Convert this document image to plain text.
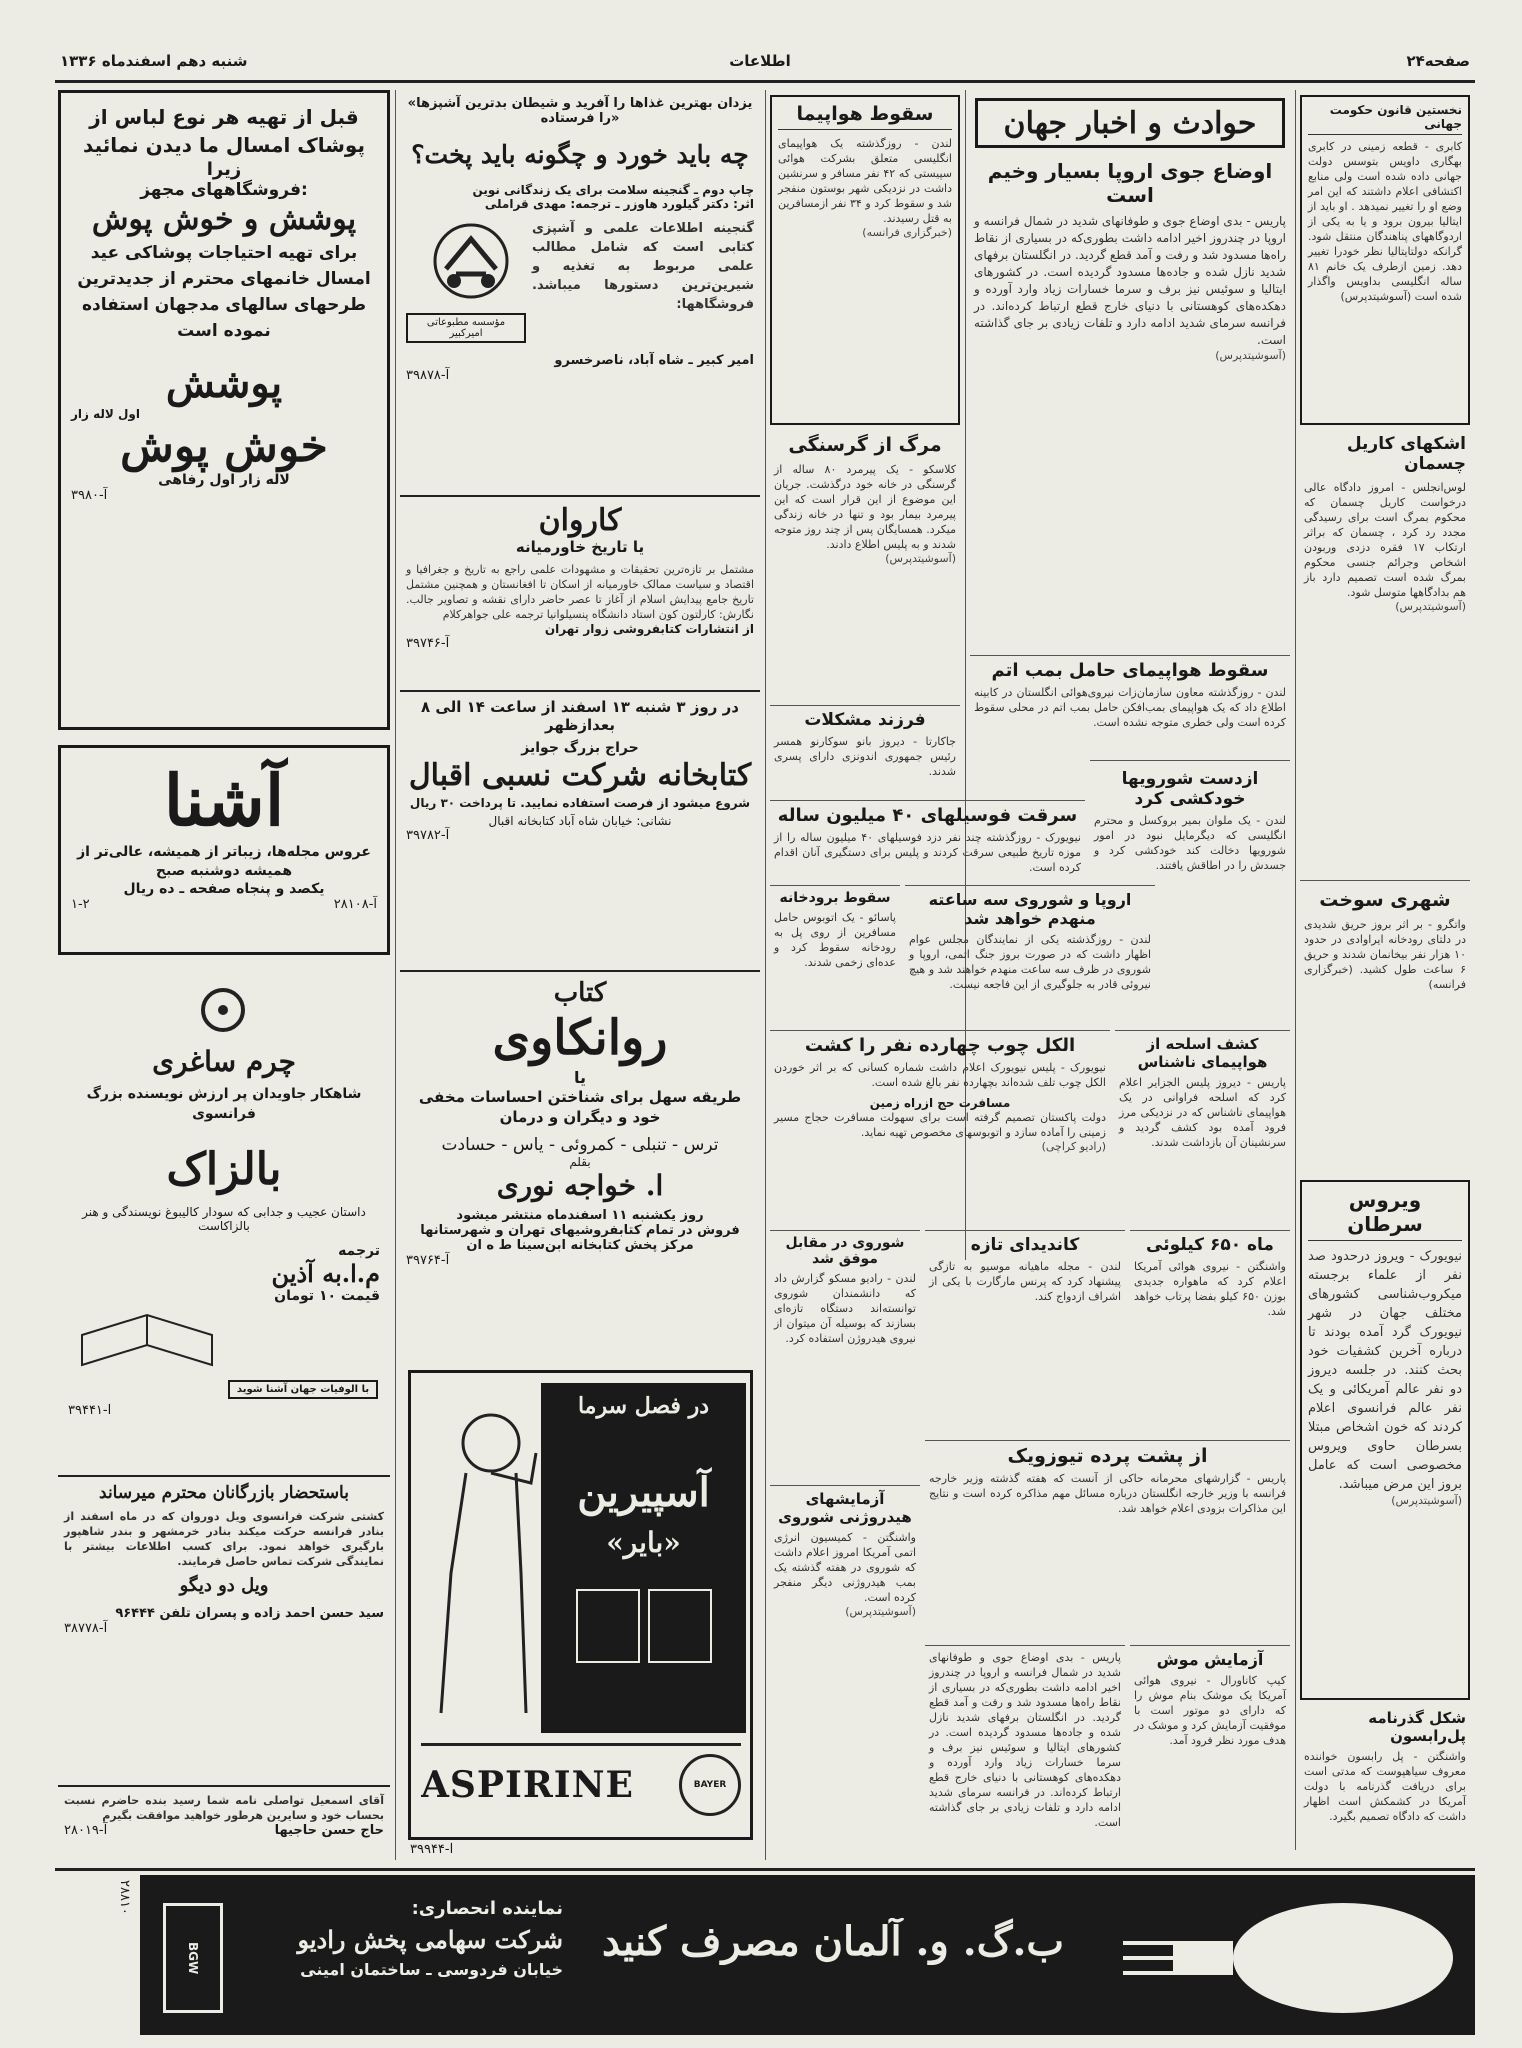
صفحه۲۴
اطلاعات
شنبه دهم اسفندماه ۱۳۳۶
نخستین قانون حکومت جهانی
کابری - قطعه زمینی در کابری بهگاری داویس بتوسس دولت جهانی داده شده است ولی منابع اکتشافی اعلام داشتند که این امر وضع او را تغییر نمیدهد . او باید از ایتالیا بیرون برود و یا به یکی از اردوگاههای پناهندگان منتقل شود. گرانکه دولتایتالیا نظر خودرا تغییر دهد. زمین ازطرف یک خانم ۸۱ ساله انگلیسی بداویس واگذار شده است (آسوشیتدپرس)
اشکهای کاریل چسمان
لوس‌انجلس - امروز دادگاه عالی درخواست کاریل چسمان که محکوم بمرگ است برای رسیدگی مجدد رد کرد ، چسمان که براثر ارتکاب ۱۷ فقره دزدی وربودن اشخاص وجرائم جنسی محکوم بمرگ شده است تصمیم دارد باز هم بدادگاهها متوسل شود.
(آسوشیتدپرس)
شهری سوخت
واتگرو - بر اثر بروز حریق شدیدی در دلتای رودخانه ایراوادی در حدود ۱۰ هزار نفر بیخانمان شدند و حریق ۶ ساعت طول کشید. (خبرگزاری فرانسه)
ویروس سرطان
نیویورک - ویروز درحدود صد نفر از علماء برجسته میکروب‌شناسی کشورهای مختلف جهان در شهر نیویورک گرد آمده بودند تا درباره آخرین کشفیات خود بحث کنند. در جلسه دیروز دو نفر عالم آمریکائی و یک نفر عالم فرانسوی اعلام کردند که خون اشخاص مبتلا بسرطان حاوی ویروس مخصوصی است که عامل بروز این مرض میباشد.
(آسوشیتدپرس)
شکل گذرنامه پل‌رابسون
واشنگتن - پل رابسون خواننده معروف سیاهپوست که مدتی است برای دریافت گذرنامه با دولت آمریکا در کشمکش است اظهار داشت که دادگاه تصمیم بگیرد.
حوادث و اخبار جهان
اوضاع جوی اروپا بسیار وخیم است
پاریس - بدی اوضاع جوی و طوفانهای شدید در شمال فرانسه و اروپا در چندروز اخیر ادامه داشت بطوری‌که در بسیاری از نقاط راه‌ها مسدود شد و رفت و آمد قطع گردید. در انگلستان برفهای شدید نازل شده و جاده‌ها مسدود گردیده است. در کشورهای ایتالیا و سوئیس نیز برف و سرما خسارات زیاد وارد آورده و دهکده‌های کوهستانی با دنیای خارج قطع ارتباط کرده‌اند. در فرانسه سرمای شدید ادامه دارد و تلفات زیادی بر جای گذاشته است.
(آسوشیتدپرس)
ازدست شورویها خودکشی کرد
لندن - یک ملوان بمیر بروکسل و محترم انگلیسی که دیگرمایل نبود در امور شورویها دخالت کند خودکشی کرد و جسدش را در اطاقش یافتند.
سقوط هواپیما
لندن - روزگذشته یک هواپیمای انگلیسی متعلق بشرکت هوائی سپیستی که ۴۲ نفر مسافر و سرنشین داشت در نزدیکی شهر بوستون منفجر شد و سقوط کرد و ۳۴ نفر ازمسافرین به قتل رسیدند.
(خبرگزاری فرانسه)
مرگ از گرسنگی
کلاسکو - یک پیرمرد ۸۰ ساله از گرسنگی در خانه خود درگذشت. جریان این موضوع از این قرار است که این پیرمرد بیمار بود و تنها در خانه زندگی میکرد. همسایگان پس از چند روز متوجه شدند و به پلیس اطلاع دادند.
(آسوشیتدپرس)
فرزند مشکلات
جاکارتا - دیروز بانو سوکارنو همسر رئیس جمهوری اندونزی دارای پسری شدند.
سقوط هواپیمای حامل بمب اتم
لندن - روزگذشته معاون سازمان‌زات نیروی‌هوائی انگلستان در کابینه اطلاع داد که یک هواپیمای بمب‌افکن حامل بمب اتم در محلی سقوط کرده است ولی خطری متوجه نشده است.
سرقت فوسیلهای ۴۰ میلیون ساله
نیویورک - روزگذشته چند نفر دزد فوسیلهای ۴۰ میلیون ساله را از موزه تاریخ طبیعی سرقت کردند و پلیس برای دستگیری آنان اقدام کرده است.
اروپا و شوروی سه ساعته منهدم خواهد شد
لندن - روزگذشته یکی از نمایندگان مجلس عوام اظهار داشت که در صورت بروز جنگ اتمی، اروپا و شوروی در ظرف سه ساعت منهدم خواهند شد و هیچ نیروئی قادر به جلوگیری از این فاجعه نیست.
سقوط برودخانه
پاسائو - یک اتوبوس حامل مسافرین از روی پل به رودخانه سقوط کرد و عده‌ای زخمی شدند.
الکل چوب چهارده نفر را کشت
نیویورک - پلیس نیویورک اعلام داشت شماره کسانی که بر اثر خوردن الکل چوب تلف شده‌اند بچهارده نفر بالغ شده است.
مسافرت حج ازراه زمین
دولت پاکستان تصمیم گرفته است برای سهولت مسافرت حجاج مسیر زمینی را آماده سازد و اتوبوسهای مخصوص تهیه نماید.
(رادیو کراچی)
کشف اسلحه از هواپیمای ناشناس
پاریس - دیروز پلیس الجزایر اعلام کرد که اسلحه فراوانی در یک هواپیمای ناشناس که در نزدیکی مرز فرود آمده بود کشف گردید و سرنشینان آن بازداشت شدند.
شوروی در مقابل موفق شد
لندن - رادیو مسکو گزارش داد که دانشمندان شوروی توانسته‌اند دستگاه تازه‌ای بسازند که بوسیله آن میتوان از نیروی هیدروژن استفاده کرد.
کاندیدای تازه
لندن - مجله ماهیانه موسیو به تازگی پیشنهاد کرد که پرنس مارگارت با یکی از اشراف ازدواج کند.
ماه ۶۵۰ کیلوئی
واشنگتن - نیروی هوائی آمریکا اعلام کرد که ماهواره جدیدی بوزن ۶۵۰ کیلو بفضا پرتاب خواهد شد.
از پشت پرده تیوزویک
پاریس - گزارشهای محرمانه حاکی از آنست که هفته گذشته وزیر خارجه فرانسه با وزیر خارجه انگلستان درباره مسائل مهم مذاکره کرده است و نتایج این مذاکرات بزودی اعلام خواهد شد.
آزمایشهای هیدروژنی شوروی
واشنگتن - کمیسیون انرژی اتمی آمریکا امروز اعلام داشت که شوروی در هفته گذشته یک بمب هیدروژنی دیگر منفجر کرده است.
(آسوشیتدپرس)
آزمایش موش
کیپ کاناورال - نیروی هوائی آمریکا یک موشک بنام موش را که دارای دو موتور است با موفقیت آزمایش کرد و موشک در هدف مورد نظر فرود آمد.
پاریس - بدی اوضاع جوی و طوفانهای شدید در شمال فرانسه و اروپا در چندروز اخیر ادامه داشت بطوری‌که در بسیاری از نقاط راه‌ها مسدود شد و رفت و آمد قطع گردید. در انگلستان برفهای شدید نازل شده و جاده‌ها مسدود گردیده است. در کشورهای ایتالیا و سوئیس نیز برف و سرما خسارات زیاد وارد آورده و دهکده‌های کوهستانی با دنیای خارج قطع ارتباط کرده‌اند. در فرانسه سرمای شدید ادامه دارد و تلفات زیادی بر جای گذاشته است.
«یزدان بهترین غذاها را آفرید و شیطان بدترین آشپزها را فرستاده»
چه باید خورد و چگونه باید پخت؟
چاپ دوم ـ گنجینه سلامت برای یک زندگانی نوین
اثر: دکتر گیلورد هاوزر ـ ترجمه: مهدی قراملی
گنجینه اطلاعات علمی و آشپزی کتابی است که شامل مطالب علمی مربوط به تغذیه و شیرین‌ترین دستورها میباشد. فروشگاهها:
مؤسسه مطبوعاتی امیرکبیر
امیر کبیر ـ شاه آباد، ناصرخسرو
آ-۳۹۸۷۸
کاروان
یا تاریخ خاورمیانه
مشتمل بر تازه‌ترین تحقیقات و مشهودات علمی راجع به تاریخ و جغرافیا و اقتصاد و سیاست ممالک خاورمیانه از اسکان تا افغانستان و همچنین مشتمل تاریخ جامع پیدایش اسلام از آغاز تا عصر حاضر دارای نقشه و تصاویر جالب. نگارش: کارلتون کون استاد دانشگاه پنسیلوانیا ترجمه علی جواهرکلام
از انتشارات کتابفروشی زوار تهران
آ-۳۹۷۴۶
در روز ۳ شنبه ۱۳ اسفند از ساعت ۱۴ الی ۸ بعدازظهر
حراج بزرگ جوایز
کتابخانه شرکت نسبی اقبال
شروع میشود از فرصت استفاده نمایید. تا پرداخت ۳۰ ریال
نشانی: خیابان شاه آباد کتابخانه اقبال
آ-۳۹۷۸۲
کتاب
روانکاوی
یا
طریقه سهل برای شناختن احساسات مخفی خود و دیگران و درمان
ترس - تنبلی - کمروئی - یاس - حسادت
بقلم
ا. خواجه نوری
روز یکشنبه ۱۱ اسفندماه منتشر میشود
فروش در تمام کتابفروشیهای تهران و شهرستانها
مرکز پخش کتابخانه ابن‌سینا ط ه ان
آ-۳۹۷۶۴
در فصل سرما
آسپیرین
«بایر»
ASPIRINE	BAYER
آ-۳۹۹۴۴
قبل از تهیه هر نوع لباس از پوشاک امسال ما دیدن نمائید
زیرا
فروشگاههای مجهز:
پوشش و خوش پوش
برای تهیه احتیاجات پوشاکی عید امسال خانمهای محترم از جدیدترین طرحهای سالهای مدجهان استفاده نموده است
پوشش
اول لاله زار
خوش پوش
لاله زار اول رفاهی
آ-۳۹۸۰
آشنا
عروس مجله‌ها، زیباتر از همیشه، عالی‌تر از همیشه دوشنبه صبح
یکصد و پنجاه صفحه ـ ده ریال
۱-۲	آ-۲۸۱۰۸
چرم ساغری
شاهکار جاویدان پر ارزش نویسنده بزرگ فرانسوی
بالزاک
داستان عجیب و جدابی که سودار کالیبوغ نویسندگی و هنر بالزاکاست
ترجمه
م.ا.به آذین
قیمت ۱۰ تومان
با الوفیات جهان آشنا شوید
آ-۳۹۴۴۱
باستحضار بازرگانان محترم میرساند
کشتی شرکت فرانسوی ویل دوروان که در ماه اسفند از بنادر فرانسه حرکت میکند بنادر خرمشهر و بندر شاهپور بارگیری خواهد نمود. برای کسب اطلاعات بیشتر با نمایندگی شرکت تماس حاصل فرمایند.
ویل دو دیگو
سید حسن احمد زاده و پسران تلفن ۹۶۴۴۴
آ-۳۸۷۷۸
آقای اسمعیل تواصلی نامه شما رسید بنده حاضرم نسبت بحساب خود و سایرین هرطور خواهید موافقت بگیرم
آ-۲۸۰۱۹	حاج حسن حاجیها
BGW
نماینده انحصاری:
شرکت سهامی پخش رادیو
خیابان فردوسی ـ ساختمان امینی
ب.گ. و. آلمان مصرف کنید
۲۸۸۱۰
